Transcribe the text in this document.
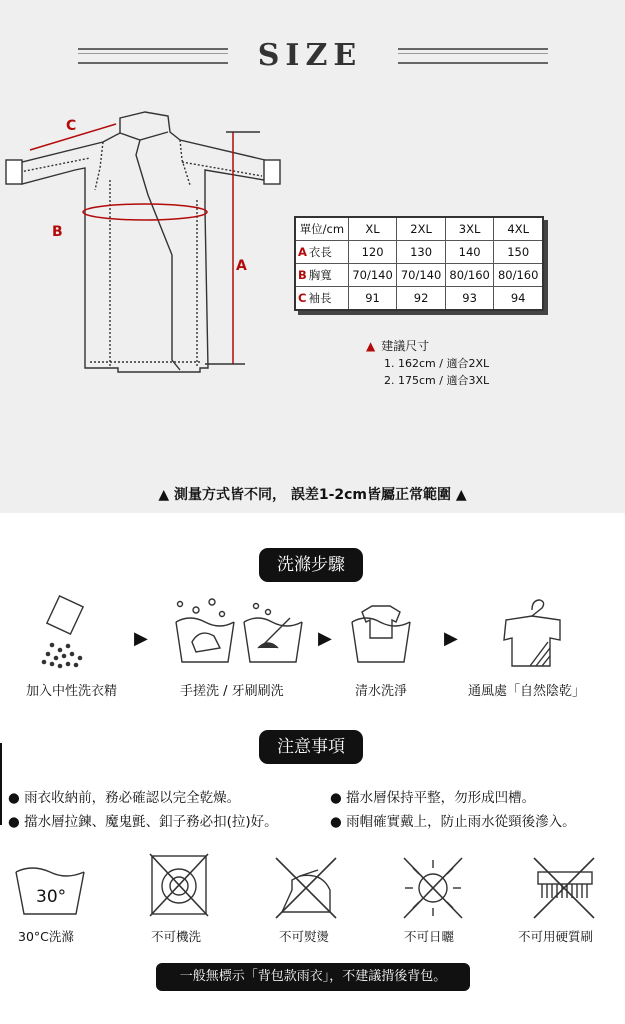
SIZE
C
B
A
單位/cm	XL	2XL	3XL	4XL
A 衣長	120	130	140	150
B 胸寬	70/140	70/140	80/160	80/160
C 袖長	91	92	93	94
▲ 建議尺寸
1. 162cm / 適合2XL
2. 175cm / 適合3XL
▲ 測量方式皆不同， 誤差1-2cm皆屬正常範圍 ▲
洗滌步驟
▶	▶	▶
加入中性洗衣精	手搓洗 / 牙刷刷洗	清水洗淨	通風處「自然陰乾」
注意事項
● 雨衣收納前，務必確認以完全乾燥。	● 擋水層保持平整，勿形成凹槽。
● 擋水層拉鍊、魔鬼氈、釦子務必扣(拉)好。	● 雨帽確實戴上，防止雨水從頸後滲入。
30°
30°C洗滌	不可機洗	不可熨燙	不可日曬	不可用硬質刷
一般無標示「背包款雨衣」，不建議揹後背包。
